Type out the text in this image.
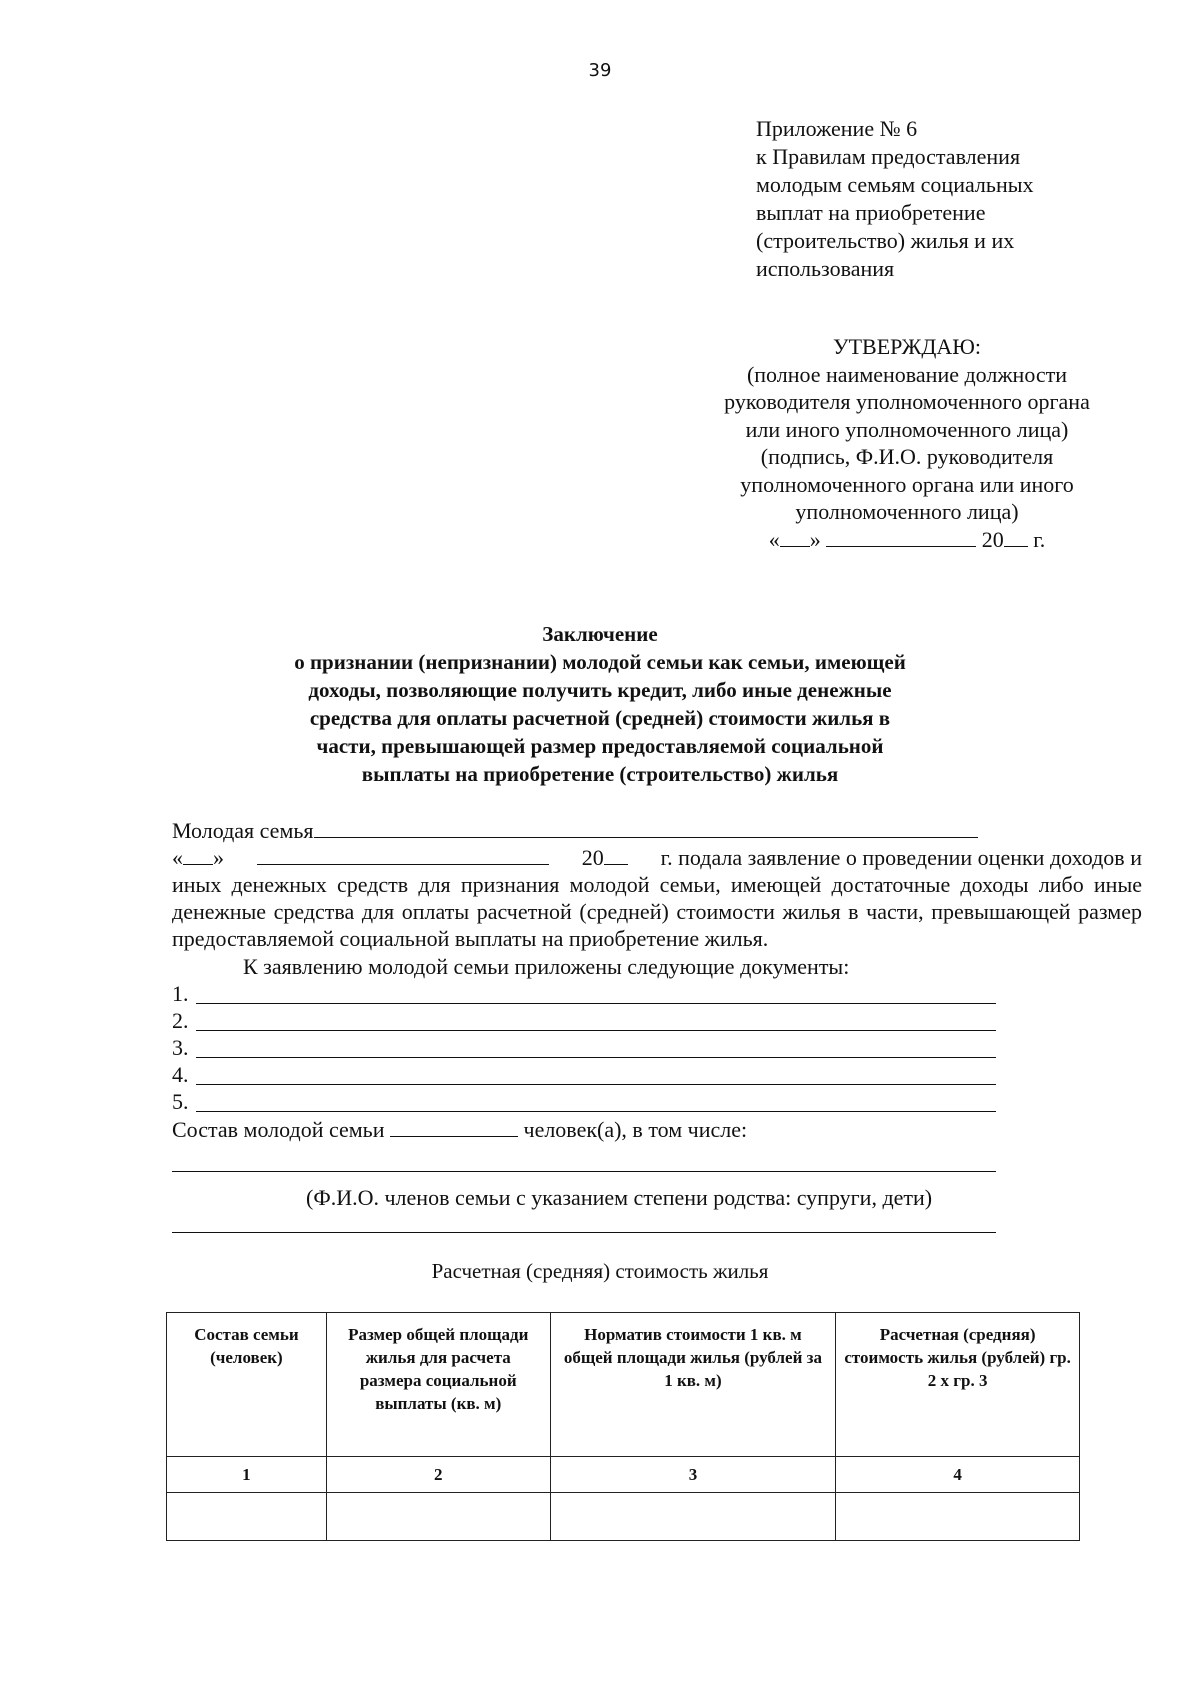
39
Приложение № 6
к Правилам предоставления
молодым семьям социальных
выплат на приобретение
(строительство) жилья и их
использования
УТВЕРЖДАЮ:
(полное наименование должности
руководителя уполномоченного органа
или иного уполномоченного лица)
(подпись, Ф.И.О. руководителя
уполномоченного органа или иного
уполномоченного лица)
« »	20 г.
Заключение
о признании (непризнании) молодой семьи как семьи, имеющей
доходы, позволяющие получить кредит, либо иные денежные
средства для оплаты расчетной (средней) стоимости жилья в
части, превышающей размер предоставляемой социальной
выплаты на приобретение (строительство) жилья
Молодая семья
« »	20	г. подала заявление о проведении оценки доходов и
иных денежных средств для признания молодой семьи, имеющей достаточные доходы либо иные денежные средства для оплаты расчетной (средней) стоимости жилья в части, превышающей размер предоставляемой социальной выплаты на приобретение жилья.
К заявлению молодой семьи приложены следующие документы:
1.
2.
3.
4.
5.
Состав молодой семьи	человек(а), в том числе:
(Ф.И.О. членов семьи с указанием степени родства: супруги, дети)
Расчетная (средняя) стоимость жилья
Состав семьи (человек)	Размер общей площади жилья для расчета размера социальной выплаты (кв. м)	Норматив стоимости 1 кв. м общей площади жилья (рублей за 1 кв. м)	Расчетная (средняя) стоимость жилья (рублей) гр. 2 x гр. 3
1	2	3	4
